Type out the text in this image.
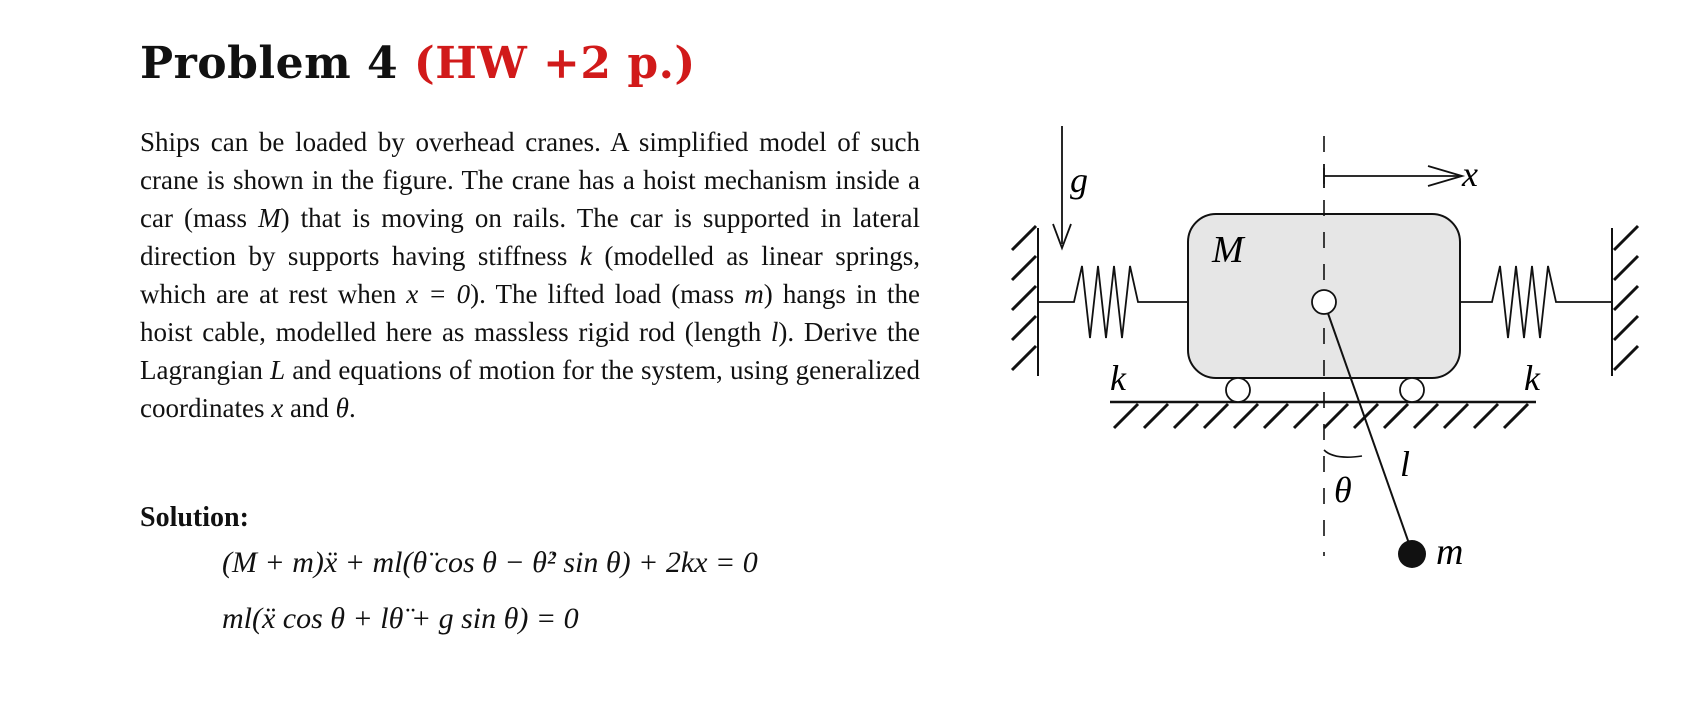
Problem 4 (HW +2 p.)
Ships can be loaded by overhead cranes. A simplified model of such crane is shown in the figure. The crane has a hoist mechanism inside a car (mass M) that is moving on rails. The car is supported in lateral direction by supports having stiffness k (modelled as linear springs, which are at rest when x = 0). The lifted load (mass m) hangs in the hoist cable, modelled here as massless rigid rod (length l). Derive the Lagrangian L and equations of motion for the system, using generalized coordinates x and θ.
Solution:
(M + m)ẍ + ml(θ̈ cos θ − θ̇² sin θ) + 2kx = 0
ml(ẍ cos θ + lθ̈ + g sin θ) = 0
g
k	k
M
x
l
θ
m
